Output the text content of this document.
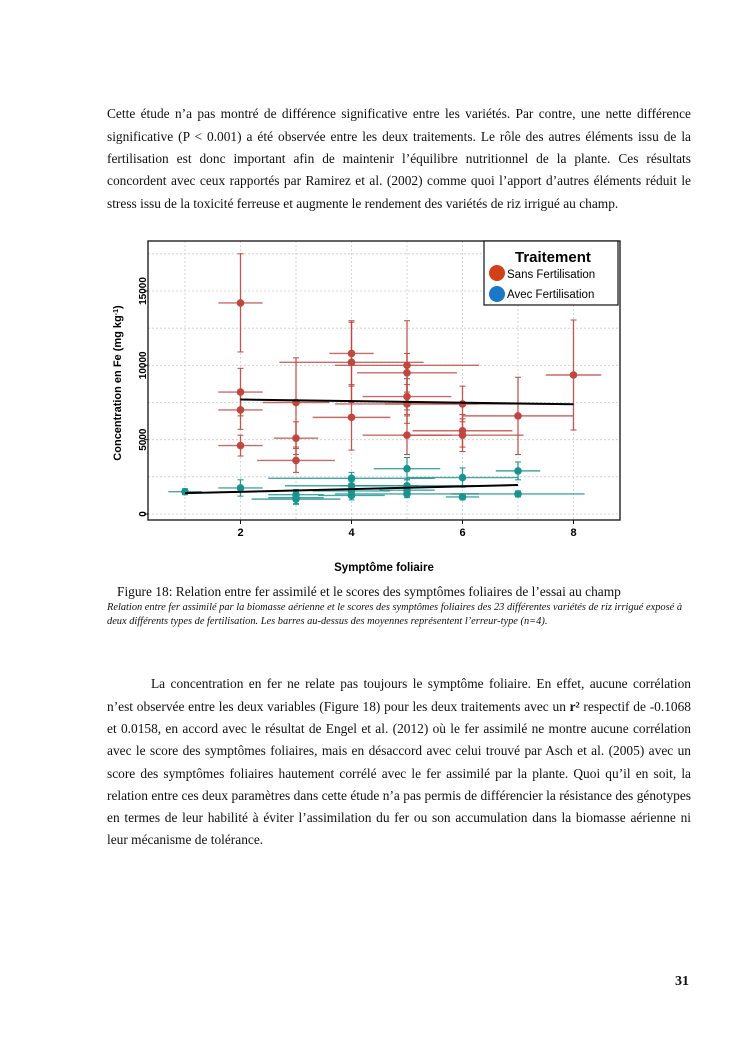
Cette étude n’a pas montré de différence significative entre les variétés. Par contre, une nette différence significative (P < 0.001) a été observée entre les deux traitements. Le rôle des autres éléments issu de la fertilisation est donc important afin de maintenir l’équilibre nutritionnel de la plante. Ces résultats concordent avec ceux rapportés par Ramirez et al. (2002) comme quoi l’apport d’autres éléments réduit le stress issu de la toxicité ferreuse et augmente le rendement des variétés de riz irrigué au champ.

2	4	6	8
0
5000
10000
15000
Traitement
Sans Fertilisation
Avec Fertilisation
Symptôme foliaire
Concentration en Fe (mg $kg^{-1}$)
Figure 18: Relation entre fer assimilé et le scores des symptômes foliaires de l’essai au champ
Relation entre fer assimilé par la biomasse aérienne et le scores des symptômes foliaires des 23 différentes variétés de riz irrigué exposé à deux différents types de fertilisation. Les barres au-dessus des moyennes représentent l’erreur-type (n=4).

La concentration en fer ne relate pas toujours le symptôme foliaire. En effet, aucune corrélation n’est observée entre les deux variables (Figure 18) pour les deux traitements avec un r² respectif de -0.1068 et 0.0158, en accord avec le résultat de Engel et al. (2012) où le fer assimilé ne montre aucune corrélation avec le score des symptômes foliaires, mais en désaccord avec celui trouvé par Asch et al. (2005) avec un score des symptômes foliaires hautement corrélé avec le fer assimilé par la plante. Quoi qu’il en soit, la relation entre ces deux paramètres dans cette étude n’a pas permis de différencier la résistance des génotypes en termes de leur habilité à éviter l’assimilation du fer ou son accumulation dans la biomasse aérienne ni leur mécanisme de tolérance.

31
